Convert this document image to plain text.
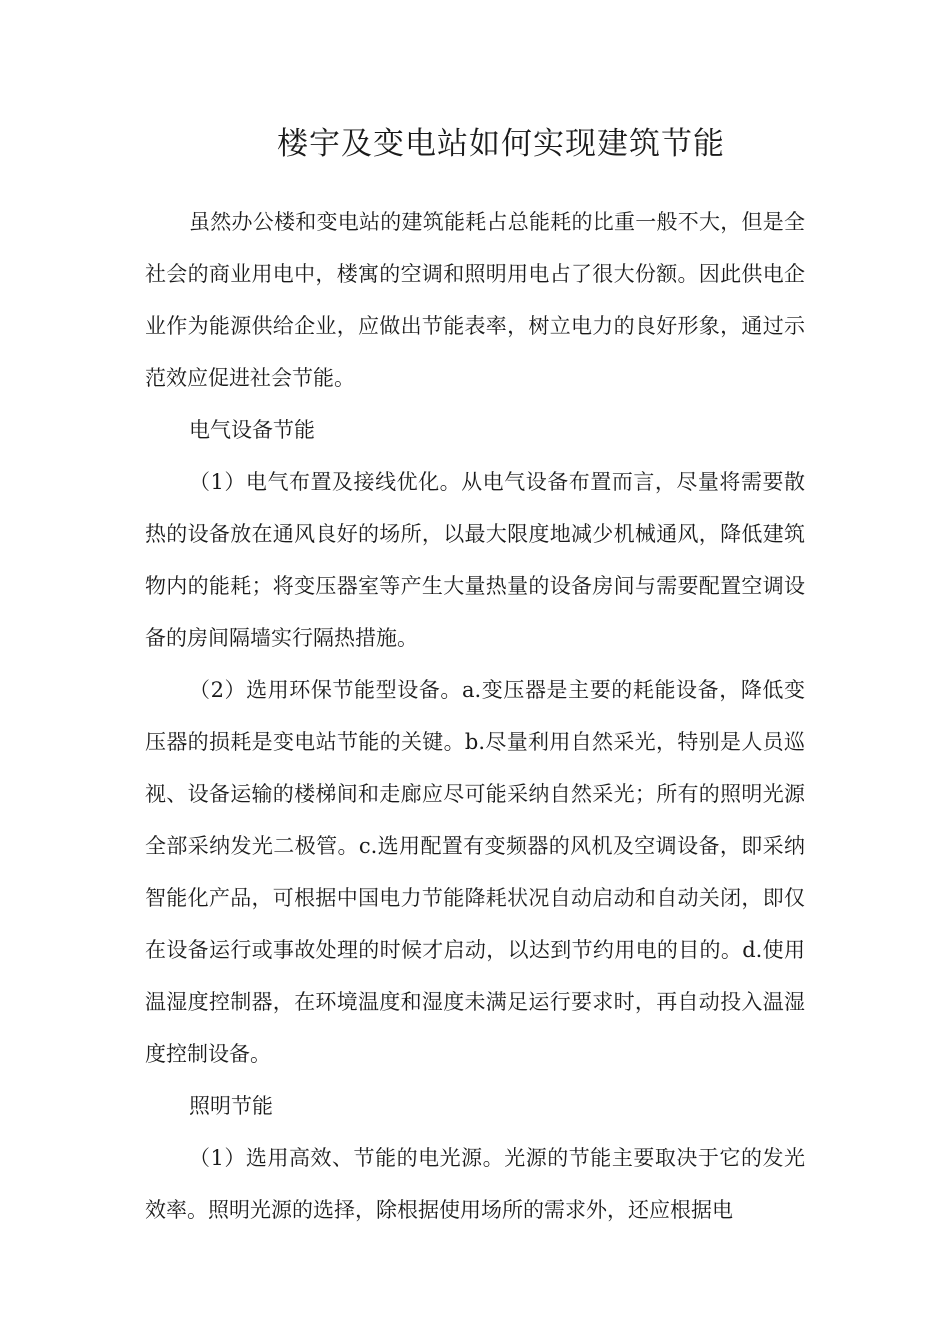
楼宇及变电站如何实现建筑节能

虽然办公楼和变电站的建筑能耗占总能耗的比重一般不大，但是全社会的商业用电中，楼寓的空调和照明用电占了很大份额。因此供电企业作为能源供给企业，应做出节能表率，树立电力的良好形象，通过示范效应促进社会节能。

电气设备节能

（1）电气布置及接线优化。从电气设备布置而言，尽量将需要散热的设备放在通风良好的场所，以最大限度地减少机械通风，降低建筑物内的能耗；将变压器室等产生大量热量的设备房间与需要配置空调设备的房间隔墙实行隔热措施。

（2）选用环保节能型设备。a.变压器是主要的耗能设备，降低变压器的损耗是变电站节能的关键。b.尽量利用自然采光，特别是人员巡视、设备运输的楼梯间和走廊应尽可能采纳自然采光；所有的照明光源全部采纳发光二极管。c.选用配置有变频器的风机及空调设备，即采纳智能化产品，可根据中国电力节能降耗状况自动启动和自动关闭，即仅在设备运行或事故处理的时候才启动，以达到节约用电的目的。d.使用温湿度控制器，在环境温度和湿度未满足运行要求时，再自动投入温湿度控制设备。

照明节能

（1）选用高效、节能的电光源。光源的节能主要取决于它的发光效率。照明光源的选择，除根据使用场所的需求外，还应根据电
